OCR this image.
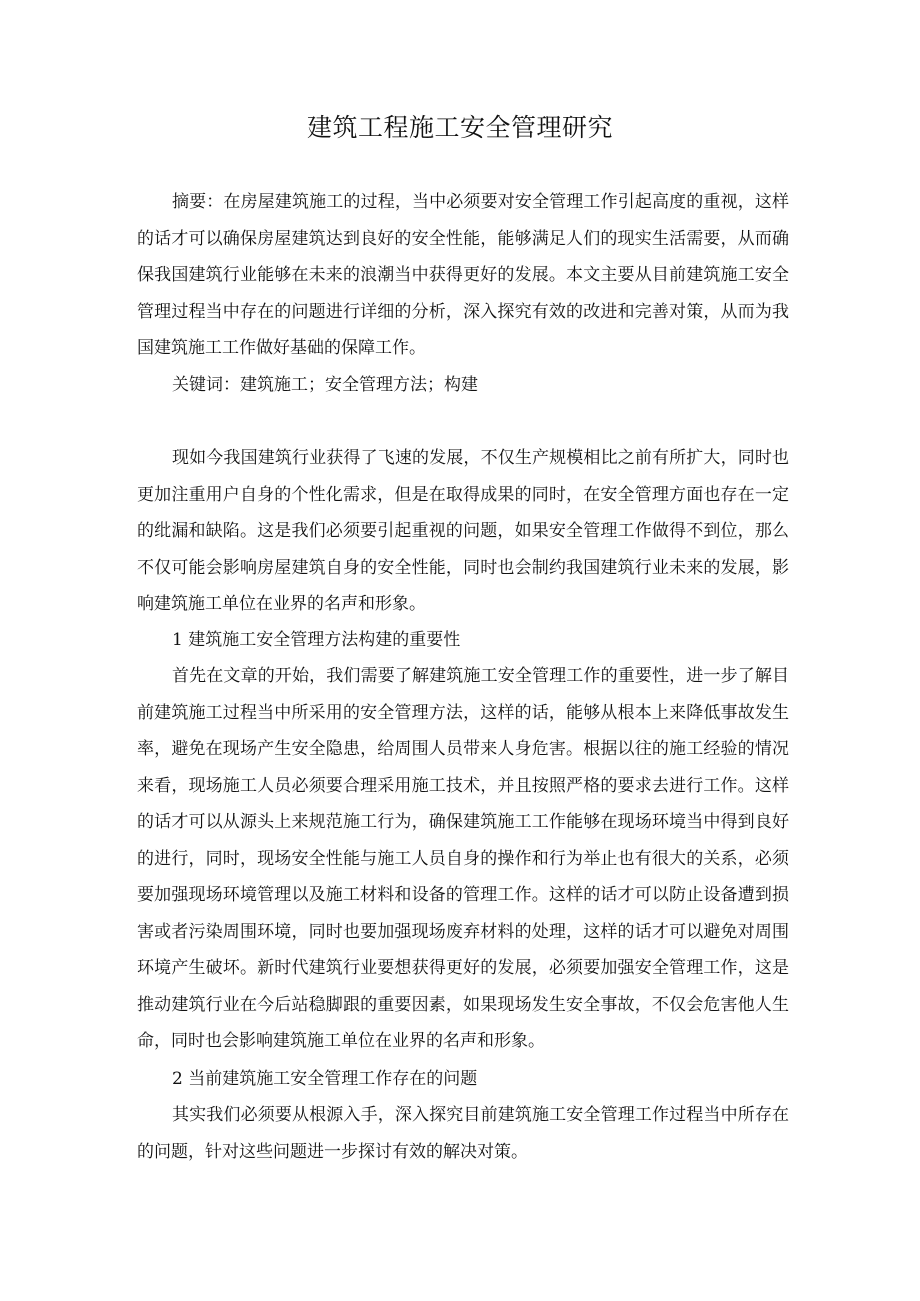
建筑工程施工安全管理研究

摘要：在房屋建筑施工的过程，当中必须要对安全管理工作引起高度的重视，这样的话才可以确保房屋建筑达到良好的安全性能，能够满足人们的现实生活需要，从而确保我国建筑行业能够在未来的浪潮当中获得更好的发展。本文主要从目前建筑施工安全管理过程当中存在的问题进行详细的分析，深入探究有效的改进和完善对策，从而为我国建筑施工工作做好基础的保障工作。

关键词：建筑施工；安全管理方法；构建

现如今我国建筑行业获得了飞速的发展，不仅生产规模相比之前有所扩大，同时也更加注重用户自身的个性化需求，但是在取得成果的同时，在安全管理方面也存在一定的纰漏和缺陷。这是我们必须要引起重视的问题，如果安全管理工作做得不到位，那么不仅可能会影响房屋建筑自身的安全性能，同时也会制约我国建筑行业未来的发展，影响建筑施工单位在业界的名声和形象。

1 建筑施工安全管理方法构建的重要性

首先在文章的开始，我们需要了解建筑施工安全管理工作的重要性，进一步了解目前建筑施工过程当中所采用的安全管理方法，这样的话，能够从根本上来降低事故发生率，避免在现场产生安全隐患，给周围人员带来人身危害。根据以往的施工经验的情况来看，现场施工人员必须要合理采用施工技术，并且按照严格的要求去进行工作。这样的话才可以从源头上来规范施工行为，确保建筑施工工作能够在现场环境当中得到良好的进行，同时，现场安全性能与施工人员自身的操作和行为举止也有很大的关系，必须要加强现场环境管理以及施工材料和设备的管理工作。这样的话才可以防止设备遭到损害或者污染周围环境，同时也要加强现场废弃材料的处理，这样的话才可以避免对周围环境产生破坏。新时代建筑行业要想获得更好的发展，必须要加强安全管理工作，这是推动建筑行业在今后站稳脚跟的重要因素，如果现场发生安全事故，不仅会危害他人生命，同时也会影响建筑施工单位在业界的名声和形象。

2 当前建筑施工安全管理工作存在的问题

其实我们必须要从根源入手，深入探究目前建筑施工安全管理工作过程当中所存在的问题，针对这些问题进一步探讨有效的解决对策。
